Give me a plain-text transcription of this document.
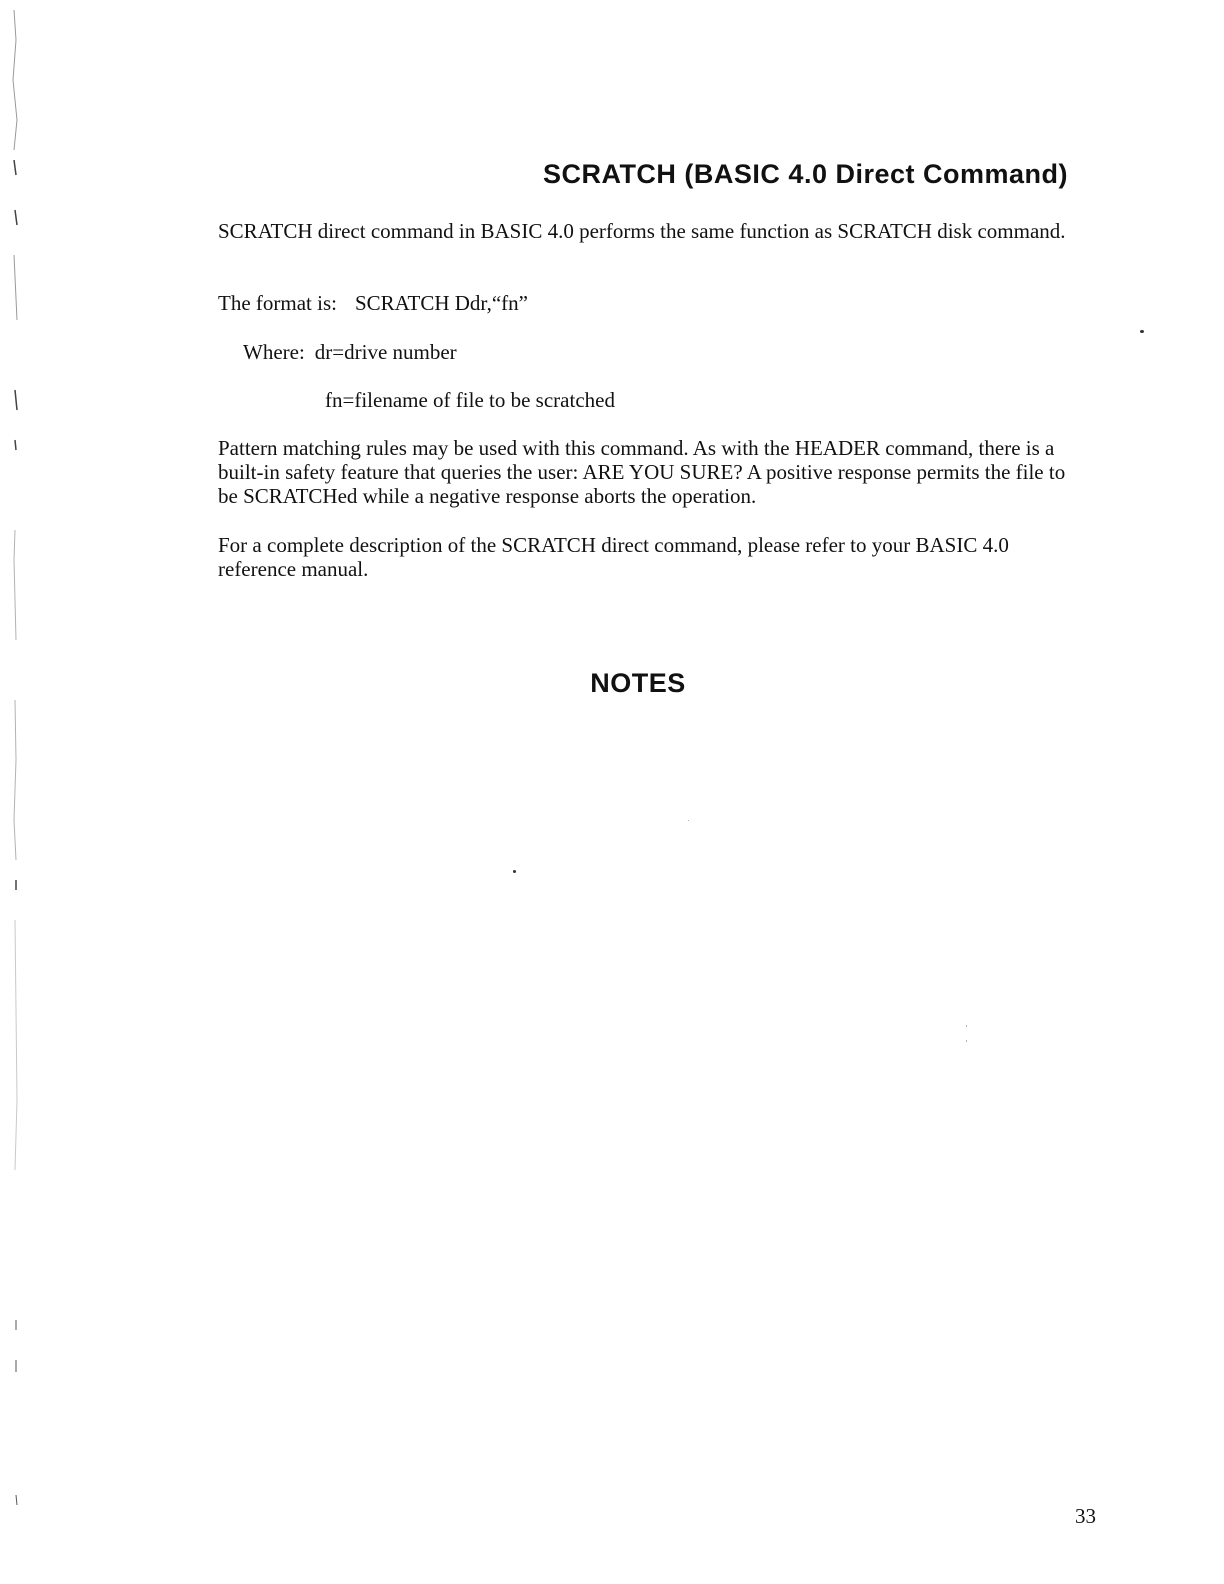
SCRATCH (BASIC 4.0 Direct Command)

SCRATCH direct command in BASIC 4.0 performs the same function as SCRATCH disk command.

The format is: SCRATCH Ddr,“fn”

Where: dr=drive number

fn=filename of file to be scratched

Pattern matching rules may be used with this command. As with the HEADER command, there is a built-in safety feature that queries the user: ARE YOU SURE? A positive response permits the file to be SCRATCHed while a negative response aborts the operation.

For a complete description of the SCRATCH direct command, please refer to your BASIC 4.0 reference manual.

NOTES
33
